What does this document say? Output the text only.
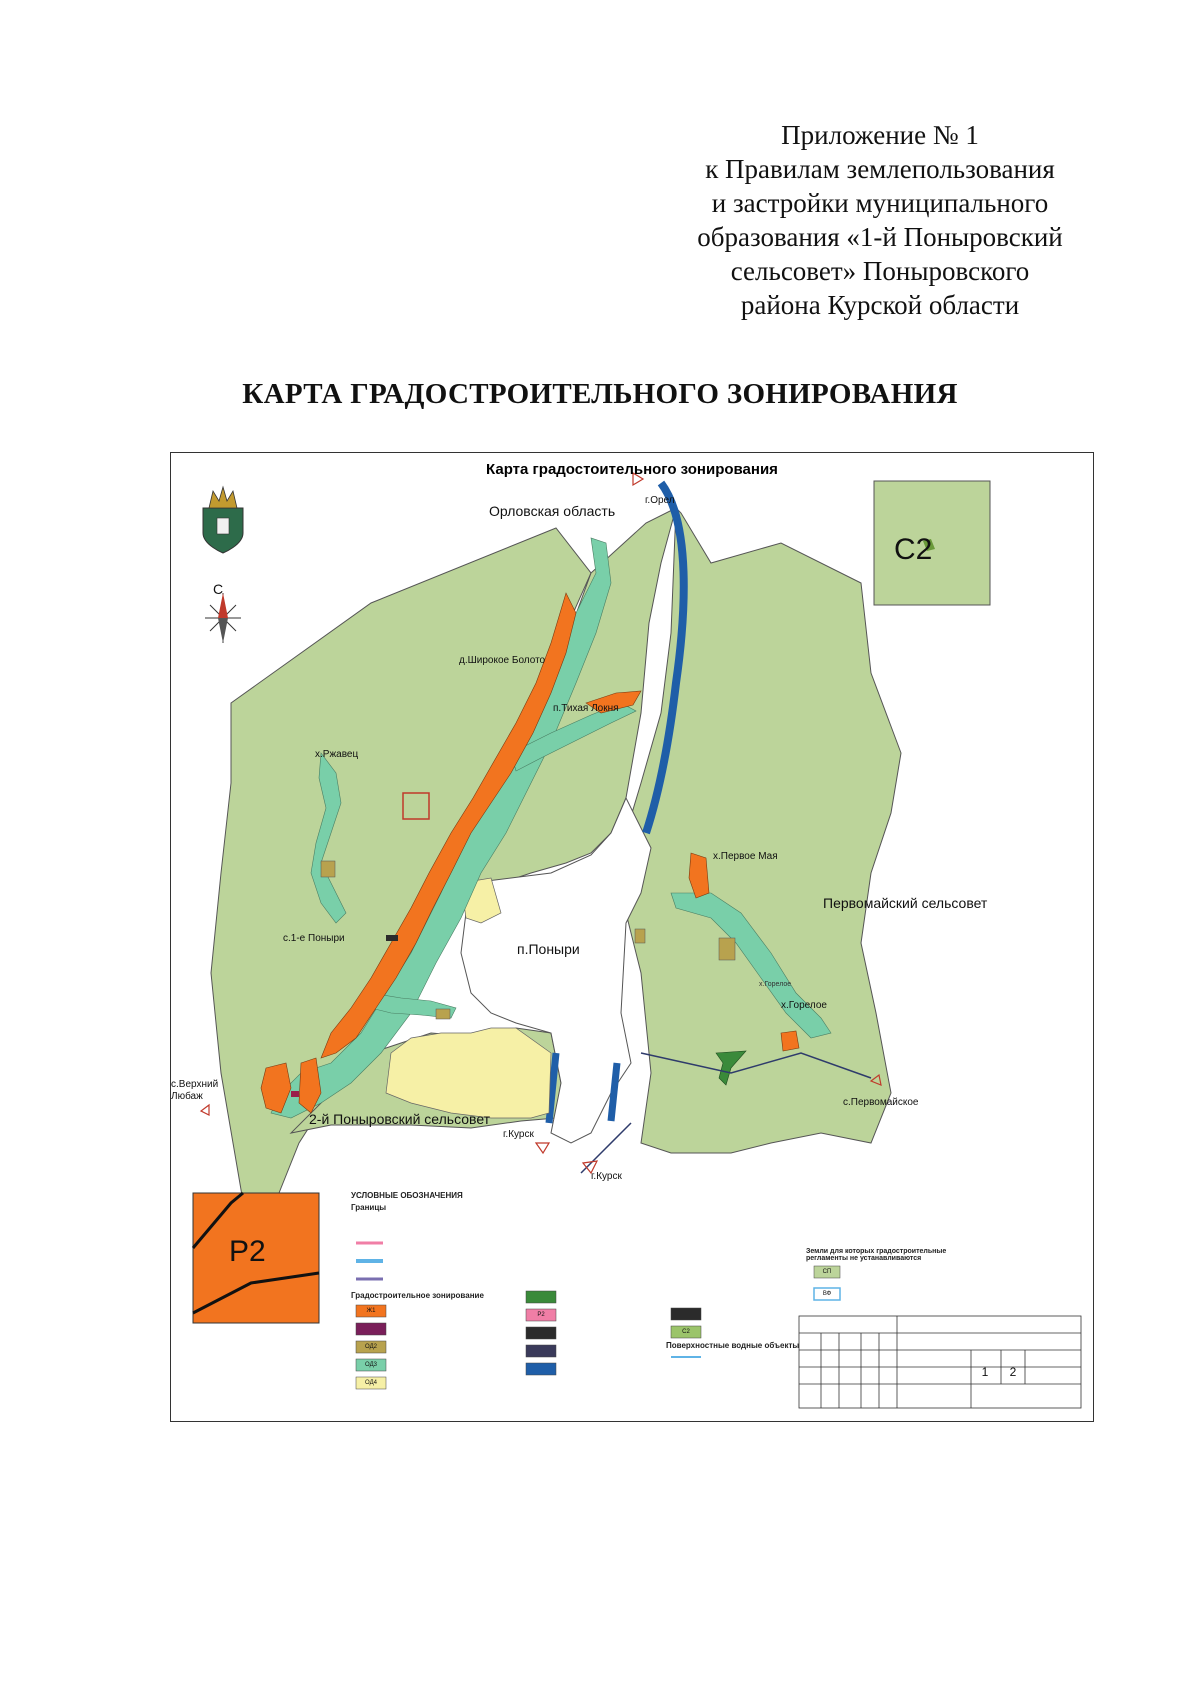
Приложение № 1
к Правилам землепользования
и застройки муниципального
образования «1-й Поныровский
сельсовет» Поныровского
района Курской области
КАРТА ГРАДОСТРОИТЕЛЬНОГО ЗОНИРОВАНИЯ
Карта градостоительного зонирования
Орловская область
г.Орел
С
С2
д.Широкое Болото
п.Тихая Локня
х.Ржавец
х.Первое Мая
Первомайский сельсовет
с.1-е Поныри
п.Поныри
х.Горелое
х.Горелое
с.Верхний
Любаж
с.Первомайское
2-й Поныровский сельсовет
г.Курск
г.Курск
Р2
УСЛОВНЫЕ ОБОЗНАЧЕНИЯ
Границы
Градостроительное зонирование
Поверхностные водные объекты
Земли для которых градостроительные регламенты не устанавливаются
Ж1
ОД2
ОД3
ОД4
Р2
С2
СП
ВФ
1	2
